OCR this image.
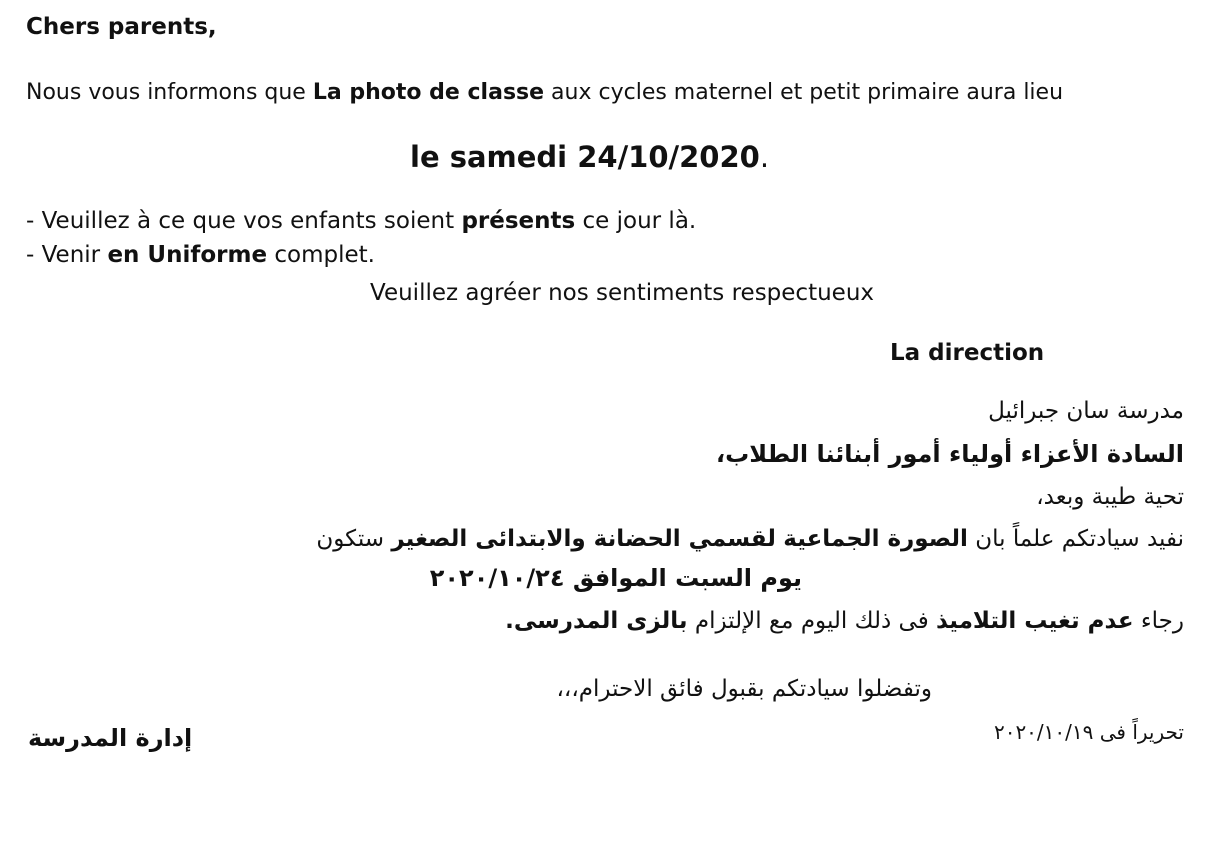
Chers parents,
Nous vous informons que La photo de classe aux cycles maternel et petit primaire aura lieu
le samedi 24/10/2020.
- Veuillez à ce que vos enfants soient présents ce jour là.
- Venir en Uniforme complet.
Veuillez agréer nos sentiments respectueux
La direction
مدرسة سان جبرائيل
السادة الأعزاء أولياء أمور أبنائنا الطلاب،
تحية طيبة وبعد،
نفيد سيادتكم علماً بان الصورة الجماعية لقسمي الحضانة والابتدائى الصغير ستكون
يوم السبت الموافق ٢٠٢٠/١٠/٢٤
رجاء عدم تغيب التلاميذ فى ذلك اليوم مع الإلتزام بالزى المدرسى.
وتفضلوا سيادتكم بقبول فائق الاحترام،،،
تحريراً فى ٢٠٢٠/١٠/١٩
إدارة المدرسة
